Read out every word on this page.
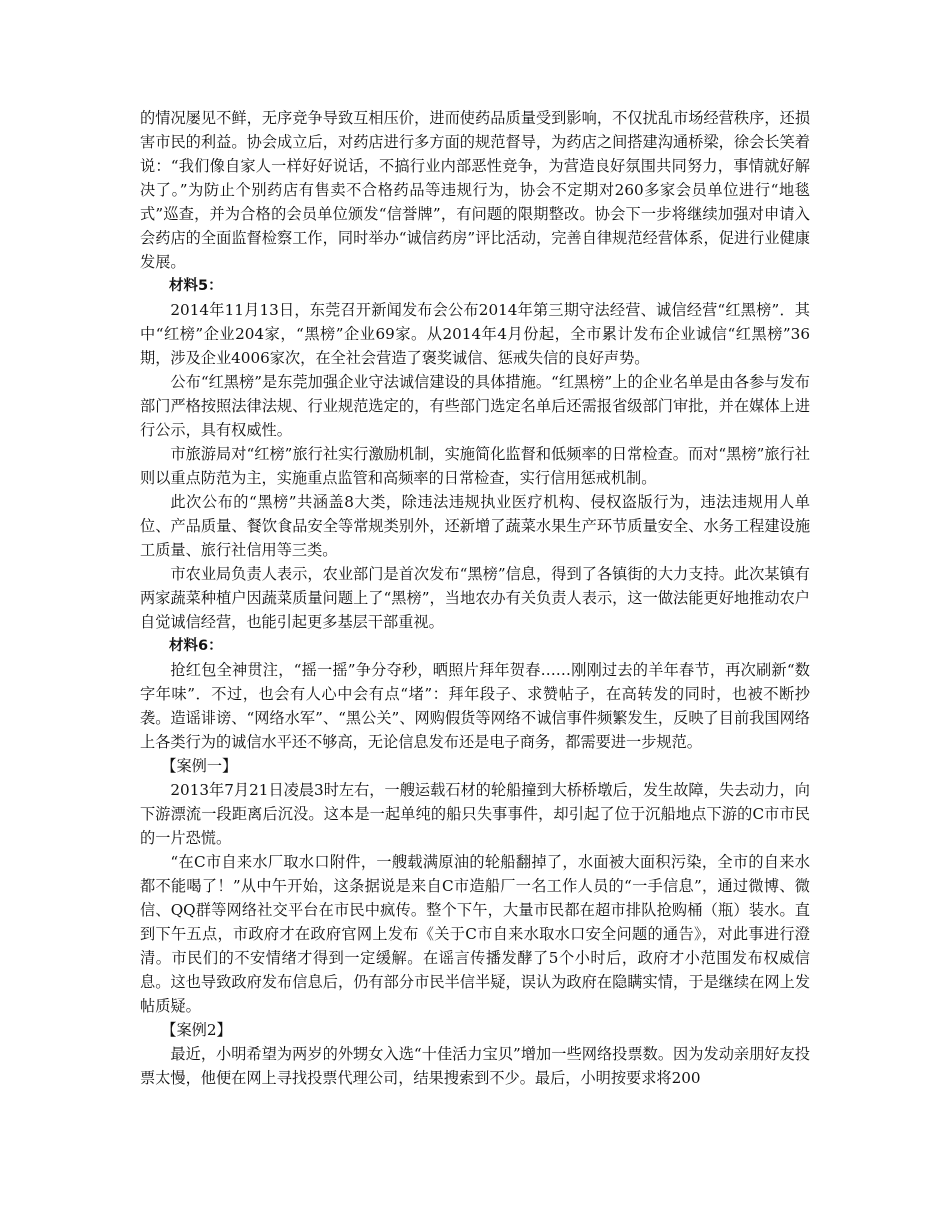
的情况屡见不鲜，无序竞争导致互相压价，进而使药品质量受到影响，不仅扰乱市场经营秩序，还损害市民的利益。协会成立后，对药店进行多方面的规范督导，为药店之间搭建沟通桥梁，徐会长笑着说：“我们像自家人一样好好说话，不搞行业内部恶性竞争，为营造良好氛围共同努力，事情就好解决了。”为防止个别药店有售卖不合格药品等违规行为，协会不定期对260多家会员单位进行“地毯式”巡查，并为合格的会员单位颁发“信誉牌”，有问题的限期整改。协会下一步将继续加强对申请入会药店的全面监督检察工作，同时举办“诚信药房”评比活动，完善自律规范经营体系，促进行业健康发展。

材料5：

2014年11月13日，东莞召开新闻发布会公布2014年第三期守法经营、诚信经营“红黑榜”．其中“红榜”企业204家，“黑榜”企业69家。从2014年4月份起，全市累计发布企业诚信“红黑榜”36期，涉及企业4006家次，在全社会营造了褒奖诚信、惩戒失信的良好声势。

公布“红黑榜”是东莞加强企业守法诚信建设的具体措施。“红黑榜”上的企业名单是由各参与发布部门严格按照法律法规、行业规范选定的，有些部门选定名单后还需报省级部门审批，并在媒体上进行公示，具有权威性。

市旅游局对“红榜”旅行社实行激励机制，实施简化监督和低频率的日常检查。而对“黑榜”旅行社则以重点防范为主，实施重点监管和高频率的日常检查，实行信用惩戒机制。

此次公布的“黑榜”共涵盖8大类，除违法违规执业医疗机构、侵权盗版行为，违法违规用人单位、产品质量、餐饮食品安全等常规类别外，还新增了蔬菜水果生产环节质量安全、水务工程建设施工质量、旅行社信用等三类。

市农业局负责人表示，农业部门是首次发布“黑榜”信息，得到了各镇街的大力支持。此次某镇有两家蔬菜种植户因蔬菜质量问题上了“黑榜”，当地农办有关负责人表示，这一做法能更好地推动农户自觉诚信经营，也能引起更多基层干部重视。

材料6：

抢红包全神贯注，“摇一摇”争分夺秒，晒照片拜年贺春……刚刚过去的羊年春节，再次刷新“数字年味”．不过，也会有人心中会有点“堵”：拜年段子、求赞帖子，在高转发的同时，也被不断抄袭。造谣诽谤、“网络水军”、“黑公关”、网购假货等网络不诚信事件频繁发生，反映了目前我国网络上各类行为的诚信水平还不够高，无论信息发布还是电子商务，都需要进一步规范。

【案例一】

2013年7月21日凌晨3时左右，一艘运载石材的轮船撞到大桥桥墩后，发生故障，失去动力，向下游漂流一段距离后沉没。这本是一起单纯的船只失事事件，却引起了位于沉船地点下游的C市市民的一片恐慌。

“在C市自来水厂取水口附件，一艘载满原油的轮船翻掉了，水面被大面积污染，全市的自来水都不能喝了！”从中午开始，这条据说是来自C市造船厂一名工作人员的“一手信息”，通过微博、微信、QQ群等网络社交平台在市民中疯传。整个下午，大量市民都在超市排队抢购桶（瓶）装水。直到下午五点，市政府才在政府官网上发布《关于C市自来水取水口安全问题的通告》，对此事进行澄清。市民们的不安情绪才得到一定缓解。在谣言传播发酵了5个小时后，政府才小范围发布权威信息。这也导致政府发布信息后，仍有部分市民半信半疑，误认为政府在隐瞒实情，于是继续在网上发帖质疑。

【案例2】

最近，小明希望为两岁的外甥女入选“十佳活力宝贝”增加一些网络投票数。因为发动亲朋好友投票太慢，他便在网上寻找投票代理公司，结果搜索到不少。最后，小明按要求将200
